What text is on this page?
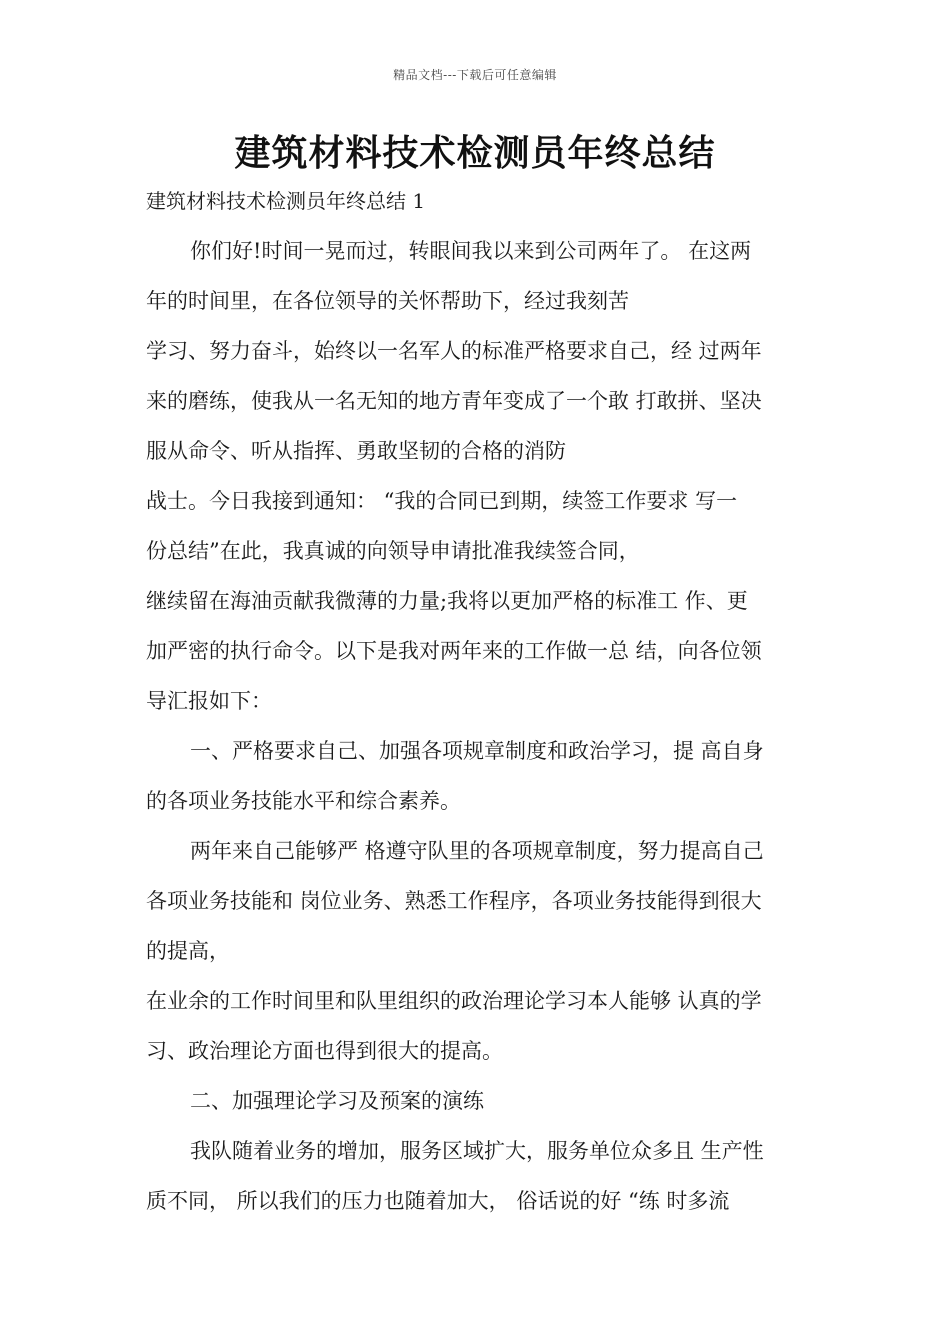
精品文档---下载后可任意编辑
建筑材料技术检测员年终总结
建筑材料技术检测员年终总结 1
你们好!时间一晃而过，转眼间我以来到公司两年了。 在这两
年的时间里，在各位领导的关怀帮助下，经过我刻苦
学习、努力奋斗，始终以一名军人的标准严格要求自己，经 过两年
来的磨练，使我从一名无知的地方青年变成了一个敢 打敢拼、坚决
服从命令、听从指挥、勇敢坚韧的合格的消防
战士。今日我接到通知： “我的合同已到期，续签工作要求 写一
份总结”在此，我真诚的向领导申请批准我续签合同，
继续留在海油贡献我微薄的力量;我将以更加严格的标准工 作、更
加严密的执行命令。以下是我对两年来的工作做一总 结，向各位领
导汇报如下：
一、严格要求自己、加强各项规章制度和政治学习，提 高自身
的各项业务技能水平和综合素养。
两年来自己能够严 格遵守队里的各项规章制度，努力提高自己
各项业务技能和 岗位业务、熟悉工作程序，各项业务技能得到很大
的提高，
在业余的工作时间里和队里组织的政治理论学习本人能够 认真的学
习、政治理论方面也得到很大的提高。
二、加强理论学习及预案的演练
我队随着业务的增加，服务区域扩大，服务单位众多且 生产性
质不同， 所以我们的压力也随着加大， 俗话说的好 “练 时多流
